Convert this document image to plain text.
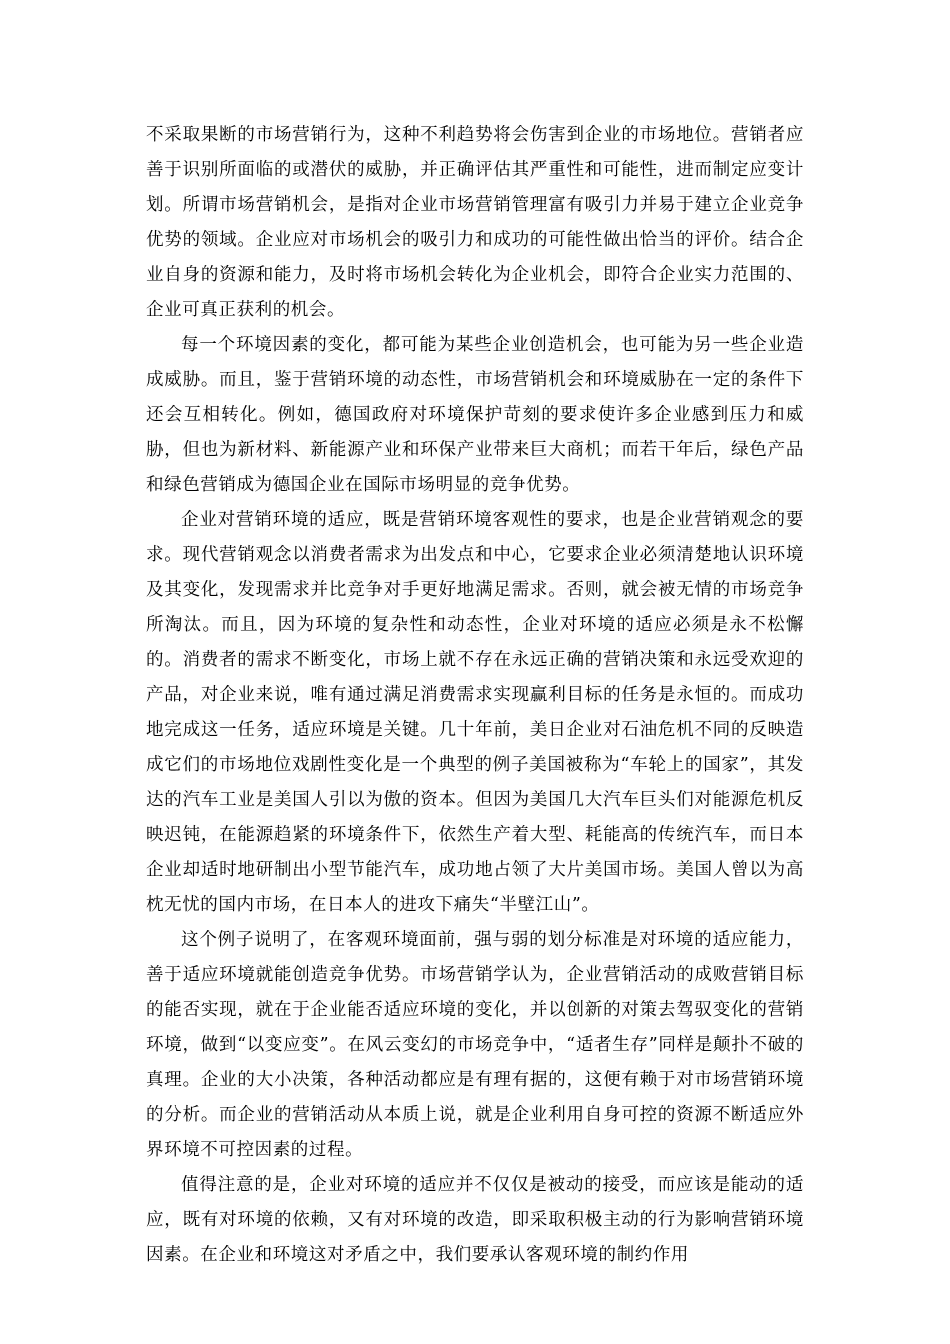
不采取果断的市场营销行为，这种不利趋势将会伤害到企业的市场地位。营销者应善于识别所面临的或潜伏的威胁，并正确评估其严重性和可能性，进而制定应变计划。所谓市场营销机会，是指对企业市场营销管理富有吸引力并易于建立企业竞争优势的领域。企业应对市场机会的吸引力和成功的可能性做出恰当的评价。结合企业自身的资源和能力，及时将市场机会转化为企业机会，即符合企业实力范围的、企业可真正获利的机会。

每一个环境因素的变化，都可能为某些企业创造机会，也可能为另一些企业造成威胁。而且，鉴于营销环境的动态性，市场营销机会和环境威胁在一定的条件下还会互相转化。例如，德国政府对环境保护苛刻的要求使许多企业感到压力和威胁，但也为新材料、新能源产业和环保产业带来巨大商机；而若干年后，绿色产品和绿色营销成为德国企业在国际市场明显的竞争优势。

企业对营销环境的适应，既是营销环境客观性的要求，也是企业营销观念的要求。现代营销观念以消费者需求为出发点和中心，它要求企业必须清楚地认识环境及其变化，发现需求并比竞争对手更好地满足需求。否则，就会被无情的市场竞争所淘汰。而且，因为环境的复杂性和动态性，企业对环境的适应必须是永不松懈的。消费者的需求不断变化，市场上就不存在永远正确的营销决策和永远受欢迎的产品，对企业来说，唯有通过满足消费需求实现赢利目标的任务是永恒的。而成功地完成这一任务，适应环境是关键。几十年前，美日企业对石油危机不同的反映造成它们的市场地位戏剧性变化是一个典型的例子美国被称为“车轮上的国家”，其发达的汽车工业是美国人引以为傲的资本。但因为美国几大汽车巨头们对能源危机反映迟钝，在能源趋紧的环境条件下，依然生产着大型、耗能高的传统汽车，而日本企业却适时地研制出小型节能汽车，成功地占领了大片美国市场。美国人曾以为高枕无忧的国内市场，在日本人的进攻下痛失“半壁江山”。

这个例子说明了，在客观环境面前，强与弱的划分标准是对环境的适应能力，善于适应环境就能创造竞争优势。市场营销学认为，企业营销活动的成败营销目标的能否实现，就在于企业能否适应环境的变化，并以创新的对策去驾驭变化的营销环境，做到“以变应变”。在风云变幻的市场竞争中，“适者生存”同样是颠扑不破的真理。企业的大小决策，各种活动都应是有理有据的，这便有赖于对市场营销环境的分析。而企业的营销活动从本质上说，就是企业利用自身可控的资源不断适应外界环境不可控因素的过程。

值得注意的是，企业对环境的适应并不仅仅是被动的接受，而应该是能动的适应，既有对环境的依赖，又有对环境的改造，即采取积极主动的行为影响营销环境因素。在企业和环境这对矛盾之中，我们要承认客观环境的制约作用
